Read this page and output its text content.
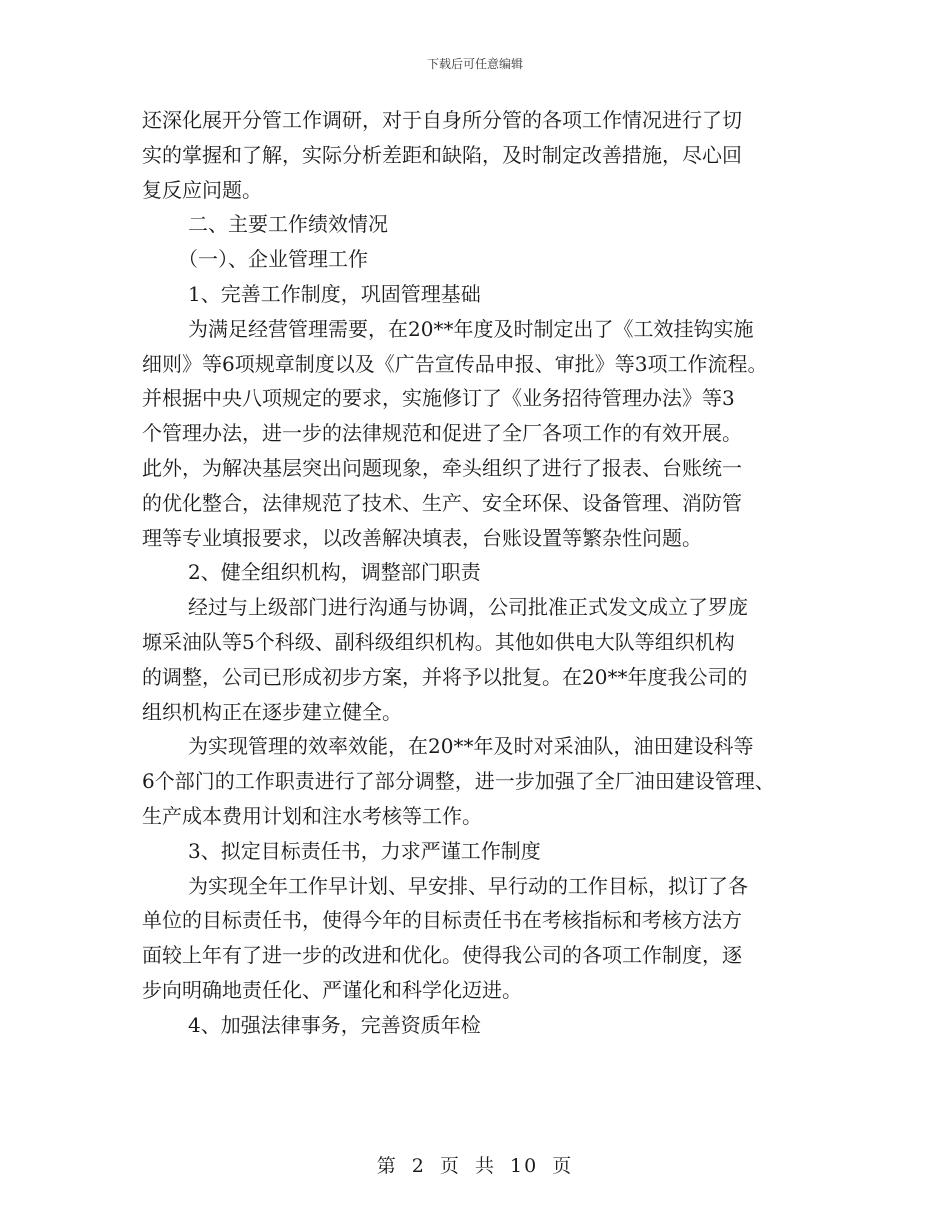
下载后可任意编辑
还深化展开分管工作调研，对于自身所分管的各项工作情况进行了切
实的掌握和了解，实际分析差距和缺陷，及时制定改善措施，尽心回
复反应问题。
二、主要工作绩效情况
（一）、企业管理工作
1、完善工作制度，巩固管理基础
为满足经营管理需要，在20**年度及时制定出了《工效挂钩实施
细则》等6项规章制度以及《广告宣传品申报、审批》等3项工作流程。
并根据中央八项规定的要求，实施修订了《业务招待管理办法》等3
个管理办法，进一步的法律规范和促进了全厂各项工作的有效开展。
此外，为解决基层突出问题现象，牵头组织了进行了报表、台账统一
的优化整合，法律规范了技术、生产、安全环保、设备管理、消防管
理等专业填报要求，以改善解决填表，台账设置等繁杂性问题。
2、健全组织机构，调整部门职责
经过与上级部门进行沟通与协调，公司批准正式发文成立了罗庞
塬采油队等5个科级、副科级组织机构。其他如供电大队等组织机构
的调整，公司已形成初步方案，并将予以批复。在20**年度我公司的
组织机构正在逐步建立健全。
为实现管理的效率效能，在20**年及时对采油队，油田建设科等
6个部门的工作职责进行了部分调整，进一步加强了全厂油田建设管理、
生产成本费用计划和注水考核等工作。
3、拟定目标责任书，力求严谨工作制度
为实现全年工作早计划、早安排、早行动的工作目标，拟订了各
单位的目标责任书，使得今年的目标责任书在考核指标和考核方法方
面较上年有了进一步的改进和优化。使得我公司的各项工作制度，逐
步向明确地责任化、严谨化和科学化迈进。
4、加强法律事务，完善资质年检
第 2 页 共 10 页
